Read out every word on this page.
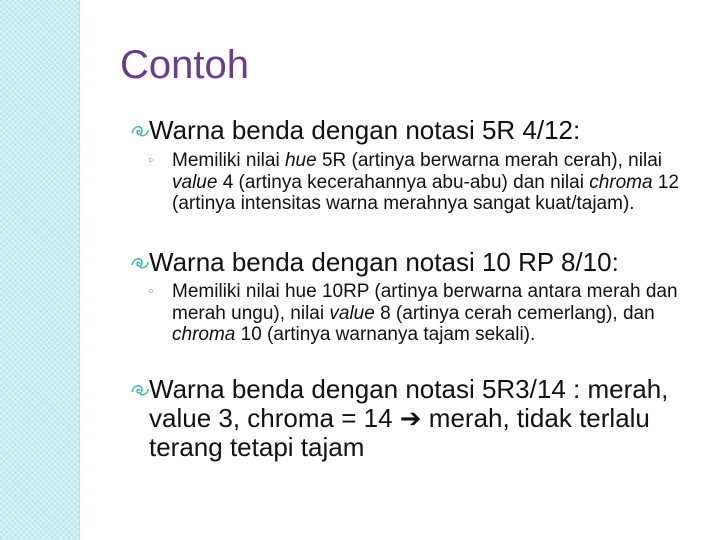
Contoh
Warna benda dengan notasi 5R 4/12:
◦ Memiliki nilai hue 5R (artinya berwarna merah cerah), nilai value 4 (artinya kecerahannya abu-abu) dan nilai chroma 12 (artinya intensitas warna merahnya sangat kuat/tajam).
Warna benda dengan notasi 10 RP 8/10:
◦ Memiliki nilai hue 10RP (artinya berwarna antara merah dan merah ungu), nilai value 8 (artinya cerah cemerlang), dan chroma 10 (artinya warnanya tajam sekali).
Warna benda dengan notasi 5R3/14 : merah, value 3, chroma = 14 ➔ merah, tidak terlalu terang tetapi tajam
